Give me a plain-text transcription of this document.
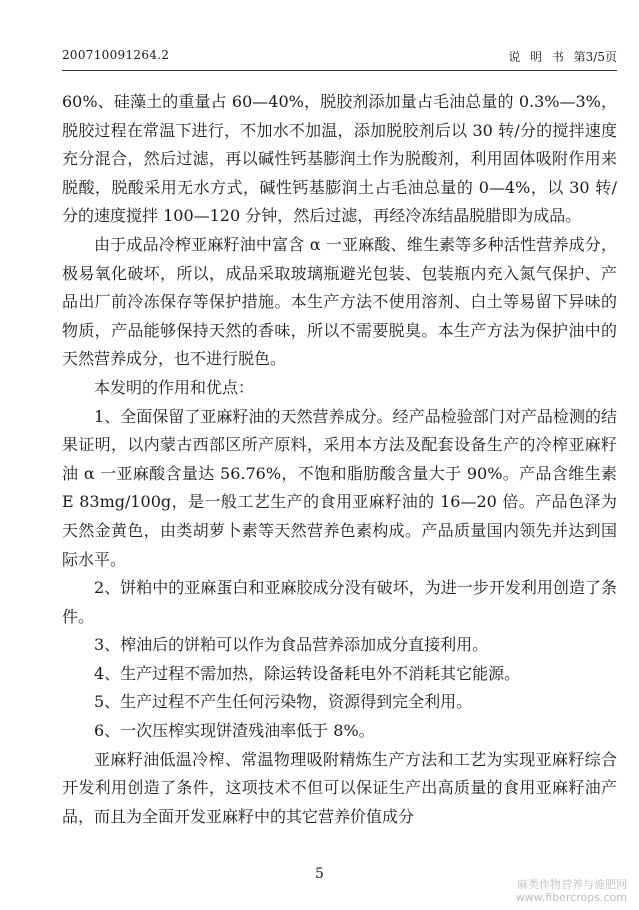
200710091264.2	说 明 书 第3/5页

60%、硅藻土的重量占 60—40%，脱胶剂添加量占毛油总量的 0.3%—3%，脱胶过程在常温下进行，不加水不加温，添加脱胶剂后以 30 转/分的搅拌速度充分混合，然后过滤，再以碱性钙基膨润土作为脱酸剂，利用固体吸附作用来脱酸，脱酸采用无水方式，碱性钙基膨润土占毛油总量的 0—4%，以 30 转/分的速度搅拌 100—120 分钟，然后过滤，再经冷冻结晶脱腊即为成品。

由于成品冷榨亚麻籽油中富含 α 一亚麻酸、维生素等多种活性营养成分，极易氧化破坏，所以，成品采取玻璃瓶避光包装、包装瓶内充入氮气保护、产品出厂前冷冻保存等保护措施。本生产方法不使用溶剂、白土等易留下异味的物质，产品能够保持天然的香味，所以不需要脱臭。本生产方法为保护油中的天然营养成分，也不进行脱色。

本发明的作用和优点：

1、全面保留了亚麻籽油的天然营养成分。经产品检验部门对产品检测的结果证明，以内蒙古西部区所产原料，采用本方法及配套设备生产的冷榨亚麻籽油 α 一亚麻酸含量达 56.76%，不饱和脂肪酸含量大于 90%。产品含维生素 E 83mg/100g，是一般工艺生产的食用亚麻籽油的 16—20 倍。产品色泽为天然金黄色，由类胡萝卜素等天然营养色素构成。产品质量国内领先并达到国际水平。

2、饼粕中的亚麻蛋白和亚麻胶成分没有破坏，为进一步开发利用创造了条件。

3、榨油后的饼粕可以作为食品营养添加成分直接利用。

4、生产过程不需加热，除运转设备耗电外不消耗其它能源。

5、生产过程不产生任何污染物，资源得到完全利用。

6、一次压榨实现饼渣残油率低于 8%。

亚麻籽油低温冷榨、常温物理吸附精炼生产方法和工艺为实现亚麻籽综合开发利用创造了条件，这项技术不但可以保证生产出高质量的食用亚麻籽油产品，而且为全面开发亚麻籽中的其它营养价值成分

5
麻类作物营养与施肥网
www.fibercrops.com
